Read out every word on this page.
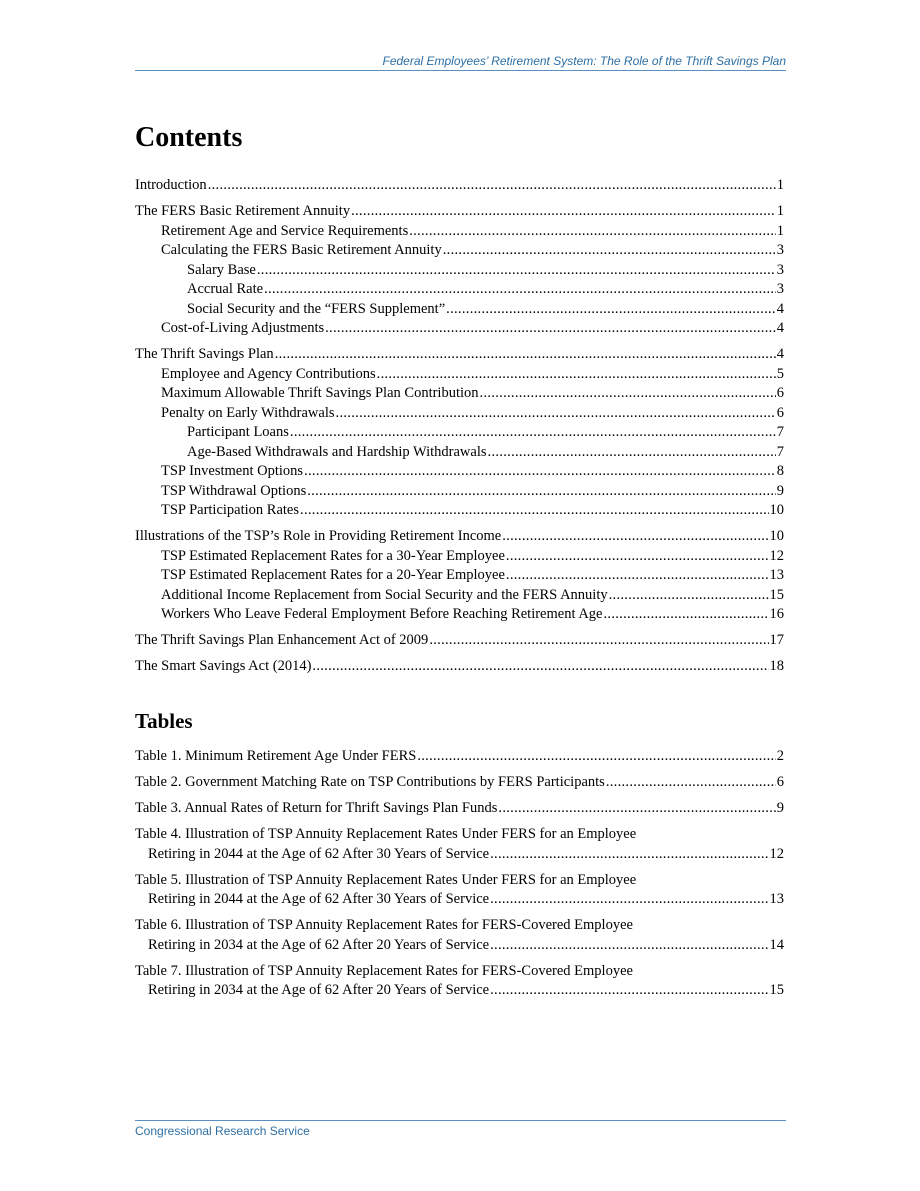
Federal Employees’ Retirement System: The Role of the Thrift Savings Plan
Contents
Introduction .....	1
The FERS Basic Retirement Annuity .....	1
Retirement Age and Service Requirements .....	1
Calculating the FERS Basic Retirement Annuity .....	3
Salary Base .....	3
Accrual Rate .....	3
Social Security and the “FERS Supplement” .....	4
Cost-of-Living Adjustments .....	4
The Thrift Savings Plan .....	4
Employee and Agency Contributions .....	5
Maximum Allowable Thrift Savings Plan Contribution .....	6
Penalty on Early Withdrawals .....	6
Participant Loans .....	7
Age-Based Withdrawals and Hardship Withdrawals .....	7
TSP Investment Options .....	8
TSP Withdrawal Options .....	9
TSP Participation Rates .....	10
Illustrations of the TSP’s Role in Providing Retirement Income .....	10
TSP Estimated Replacement Rates for a 30-Year Employee .....	12
TSP Estimated Replacement Rates for a 20-Year Employee .....	13
Additional Income Replacement from Social Security and the FERS Annuity .....	15
Workers Who Leave Federal Employment Before Reaching Retirement Age .....	16
The Thrift Savings Plan Enhancement Act of 2009 .....	17
The Smart Savings Act (2014) .....	18
Tables
Table 1. Minimum Retirement Age Under FERS .....	2
Table 2. Government Matching Rate on TSP Contributions by FERS Participants .....	6
Table 3. Annual Rates of Return for Thrift Savings Plan Funds .....	9
Table 4. Illustration of TSP Annuity Replacement Rates Under FERS for an Employee
Retiring in 2044 at the Age of 62 After 30 Years of Service .....	12
Table 5. Illustration of TSP Annuity Replacement Rates Under FERS for an Employee
Retiring in 2044 at the Age of 62 After 30 Years of Service .....	13
Table 6. Illustration of TSP Annuity Replacement Rates for FERS-Covered Employee
Retiring in 2034 at the Age of 62 After 20 Years of Service .....	14
Table 7. Illustration of TSP Annuity Replacement Rates for FERS-Covered Employee
Retiring in 2034 at the Age of 62 After 20 Years of Service .....	15
Congressional Research Service
